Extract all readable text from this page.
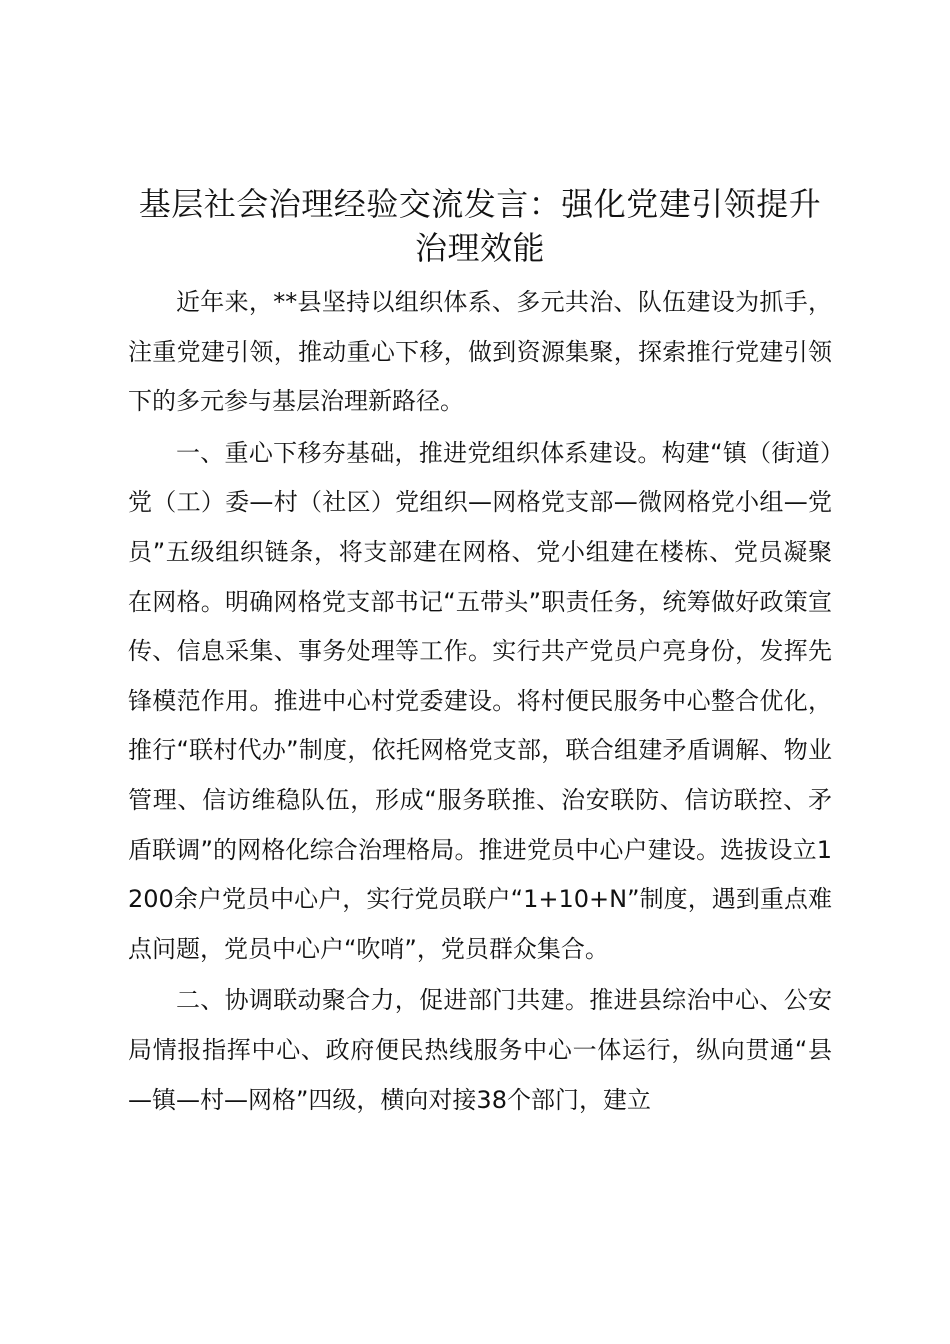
基层社会治理经验交流发言：强化党建引领提升治理效能

近年来，**县坚持以组织体系、多元共治、队伍建设为抓手，注重党建引领，推动重心下移，做到资源集聚，探索推行党建引领下的多元参与基层治理新路径。

一、重心下移夯基础，推进党组织体系建设。构建“镇（街道）党（工）委—村（社区）党组织—网格党支部—微网格党小组—党员”五级组织链条，将支部建在网格、党小组建在楼栋、党员凝聚在网格。明确网格党支部书记“五带头”职责任务，统筹做好政策宣传、信息采集、事务处理等工作。实行共产党员户亮身份，发挥先锋模范作用。推进中心村党委建设。将村便民服务中心整合优化，推行“联村代办”制度，依托网格党支部，联合组建矛盾调解、物业管理、信访维稳队伍，形成“服务联推、治安联防、信访联控、矛盾联调”的网格化综合治理格局。推进党员中心户建设。选拔设立1200余户党员中心户，实行党员联户“1+10+N”制度，遇到重点难点问题，党员中心户“吹哨”，党员群众集合。

二、协调联动聚合力，促进部门共建。推进县综治中心、公安局情报指挥中心、政府便民热线服务中心一体运行，纵向贯通“县—镇—村—网格”四级，横向对接38个部门，建立
